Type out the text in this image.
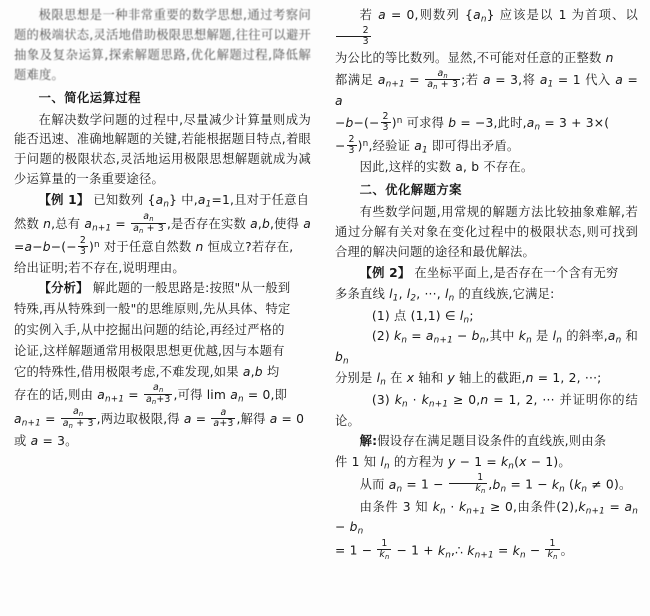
极限思想是一种非常重要的数学思想,通过考察问题的极端状态,灵活地借助极限思想解题,往往可以避开抽象及复杂运算,探索解题思路,优化解题过程,降低解题难度。

一、简化运算过程

在解决数学问题的过程中,尽量减少计算量则成为能否迅速、准确地解题的关键,若能根据题目特点,着眼于问题的极限状态,灵活地运用极限思想解题就成为减少运算量的一条重要途径。

【例 1】 已知数列 $\{a_n\}$ 中$,a_1=1$,且对于任意自

然数 n,总有 $a_{n+1} = \frac{a_n}{a_n + 3}$ ,是否存在实数 a,b,使得 a

$=a-b-(- \frac{2}{3} )^n$ 对于任意自然数 n 恒成立?若存在,

给出证明;若不存在,说明理由。

【分析】 解此题的一般思路是:按照"从一般到

特殊,再从特殊到一般"的思维原则,先从具体、特定

的实例入手,从中挖掘出问题的结论,再经过严格的

论证,这样解题通常用极限思想更优越,因与本题有

它的特殊性,借用极限考虑,不难发现,如果 a,b 均

存在的话,则由 $a_{n+1} = \frac{a_n}{a_n+3}$ ,可得 $\lim a_n = 0$,即

$a_{n+1} = \frac{a_n}{a_n + 3}$ ,两边取极限,得 $a = \frac{a}{a+3}$ ,解得 a = 0

或 a = 3。

若 a = 0,则数列 $\{a_n\}$ 应该是以 1 为首项、以
$\frac{2}{3}$

为公比的等比数列。显然,不可能对任意的正整数 n

都满足 $a_{n+1} = \frac{a_n}{a_n + 3}$ ;若 a = 3,将 $a_1 = 1$ 代入 a = a

$-b-(- \frac{2}{3} )^n$ 可求得 b = −3,此时$,a_n = 3 + 3\times$(

− $\frac{2}{3} )^n$,经验证 $a_1$ 即可得出矛盾。

因此,这样的实数 a, b 不存在。

二、优化解题方案

有些数学问题,用常规的解题方法比较抽象难解,若通过分解有关对象在变化过程中的极限状态,则可找到合理的解决问题的途径和最优解法。

【例 2】 在坐标平面上,是否存在一个含有无穷

多条直线 $l_1$, $l_2$, ···, $l_n$ 的直线族,它满足:

(1) 点 (1,1) ∈ $l_n$;

(2) $k_n = a_{n+1} - b_n$,其中 $k_n$ 是 $l_n$ 的斜率$,a_n$ 和 $b_n$

分别是 $l_n$ 在 x 轴和 y 轴上的截距,n = 1, 2, ···;

(3) $k_n \cdot k_{n+1} \ge 0,n = 1$, 2, ··· 并证明你的结论。

解:假设存在满足题目设条件的直线族,则由条

件 1 知 $l_n$ 的方程为 $y - 1 = k_n(x - 1)$。

从而 $a_n = 1 - \frac{1}{k_n} ,b_n = 1 - k_n$ $(k_n \ne 0)$。

由条件 3 知 $k_n \cdot k_{n+1} \ge 0$,由条件$(2),k_{n+1} = a_n - b_n$

= $1 - \frac{1}{k_n} - 1$ + $k_n,\therefore$ $k_{n+1} = k_n - \frac{1}{k_n}$ 。
